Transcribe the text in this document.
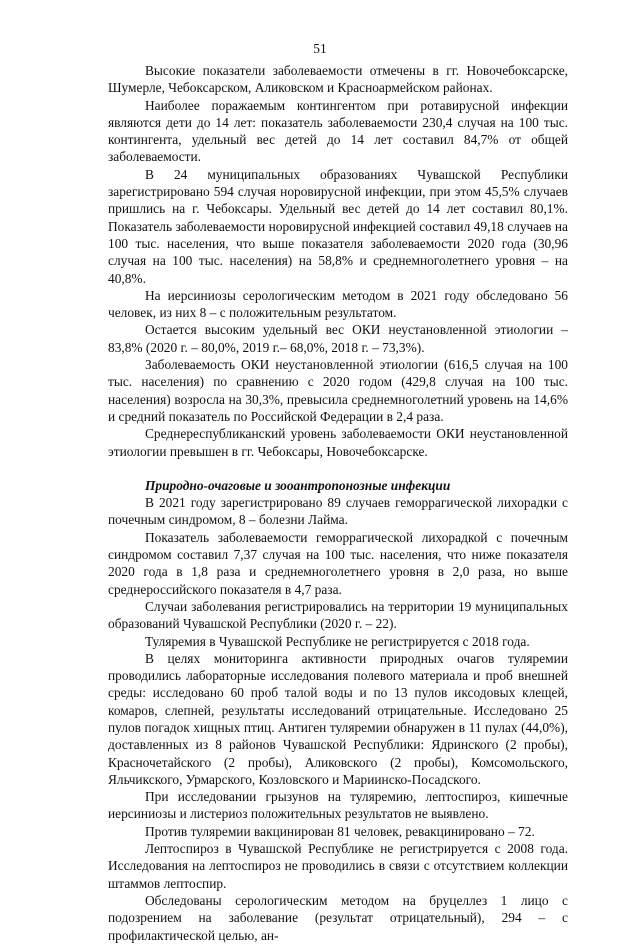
51

Высокие показатели заболеваемости отмечены в гг. Новочебоксарске, Шумерле, Чебоксарском, Аликовском и Красноармейском районах.

Наиболее поражаемым контингентом при ротавирусной инфекции являются дети до 14 лет: показатель заболеваемости 230,4 случая на 100 тыс. контингента, удельный вес детей до 14 лет составил 84,7% от общей заболеваемости.

В 24 муниципальных образованиях Чувашской Республики зарегистрировано 594 случая норовирусной инфекции, при этом 45,5% случаев пришлись на г. Чебоксары. Удельный вес детей до 14 лет составил 80,1%. Показатель заболеваемости норовирусной инфекцией составил 49,18 случаев на 100 тыс. населения, что выше показателя заболеваемости 2020 года (30,96 случая на 100 тыс. населения) на 58,8% и среднемноголетнего уровня – на 40,8%.

На иерсиниозы серологическим методом в 2021 году обследовано 56 человек, из них 8 – с положительным результатом.

Остается высоким удельный вес ОКИ неустановленной этиологии – 83,8% (2020 г. – 80,0%, 2019 г.– 68,0%, 2018 г. – 73,3%).

Заболеваемость ОКИ неустановленной этиологии (616,5 случая на 100 тыс. населения) по сравнению с 2020 годом (429,8 случая на 100 тыс. населения) возросла на 30,3%, превысила среднемноголетний уровень на 14,6% и средний показатель по Российской Федерации в 2,4 раза.

Среднереспубликанский уровень заболеваемости ОКИ неустановленной этиологии превышен в гг. Чебоксары, Новочебоксарске.

Природно-очаговые и зооантропонозные инфекции

В 2021 году зарегистрировано 89 случаев геморрагической лихорадки с почечным синдромом, 8 – болезни Лайма.

Показатель заболеваемости геморрагической лихорадкой с почечным синдромом составил 7,37 случая на 100 тыс. населения, что ниже показателя 2020 года в 1,8 раза и среднемноголетнего уровня в 2,0 раза, но выше среднероссийского показателя в 4,7 раза.

Случаи заболевания регистрировались на территории 19 муниципальных образований Чувашской Республики (2020 г. – 22).

Туляремия в Чувашской Республике не регистрируется с 2018 года.

В целях мониторинга активности природных очагов туляремии проводились лабораторные исследования полевого материала и проб внешней среды: исследовано 60 проб талой воды и по 13 пулов иксодовых клещей, комаров, слепней, результаты исследований отрицательные. Исследовано 25 пулов погадок хищных птиц. Антиген туляремии обнаружен в 11 пулах (44,0%), доставленных из 8 районов Чувашской Республики: Ядринского (2 пробы), Красночетайского (2 пробы), Аликовского (2 пробы), Комсомольского, Яльчикского, Урмарского, Козловского и Мариинско-Посадского.

При исследовании грызунов на туляремию, лептоспироз, кишечные иерсиниозы и листериоз положительных результатов не выявлено.

Против туляремии вакцинирован 81 человек, ревакцинировано – 72.

Лептоспироз в Чувашской Республике не регистрируется с 2008 года. Исследования на лептоспироз не проводились в связи с отсутствием коллекции штаммов лептоспир.

Обследованы серологическим методом на бруцеллез 1 лицо с подозрением на заболевание (результат отрицательный), 294 – с профилактической целью, ан-
